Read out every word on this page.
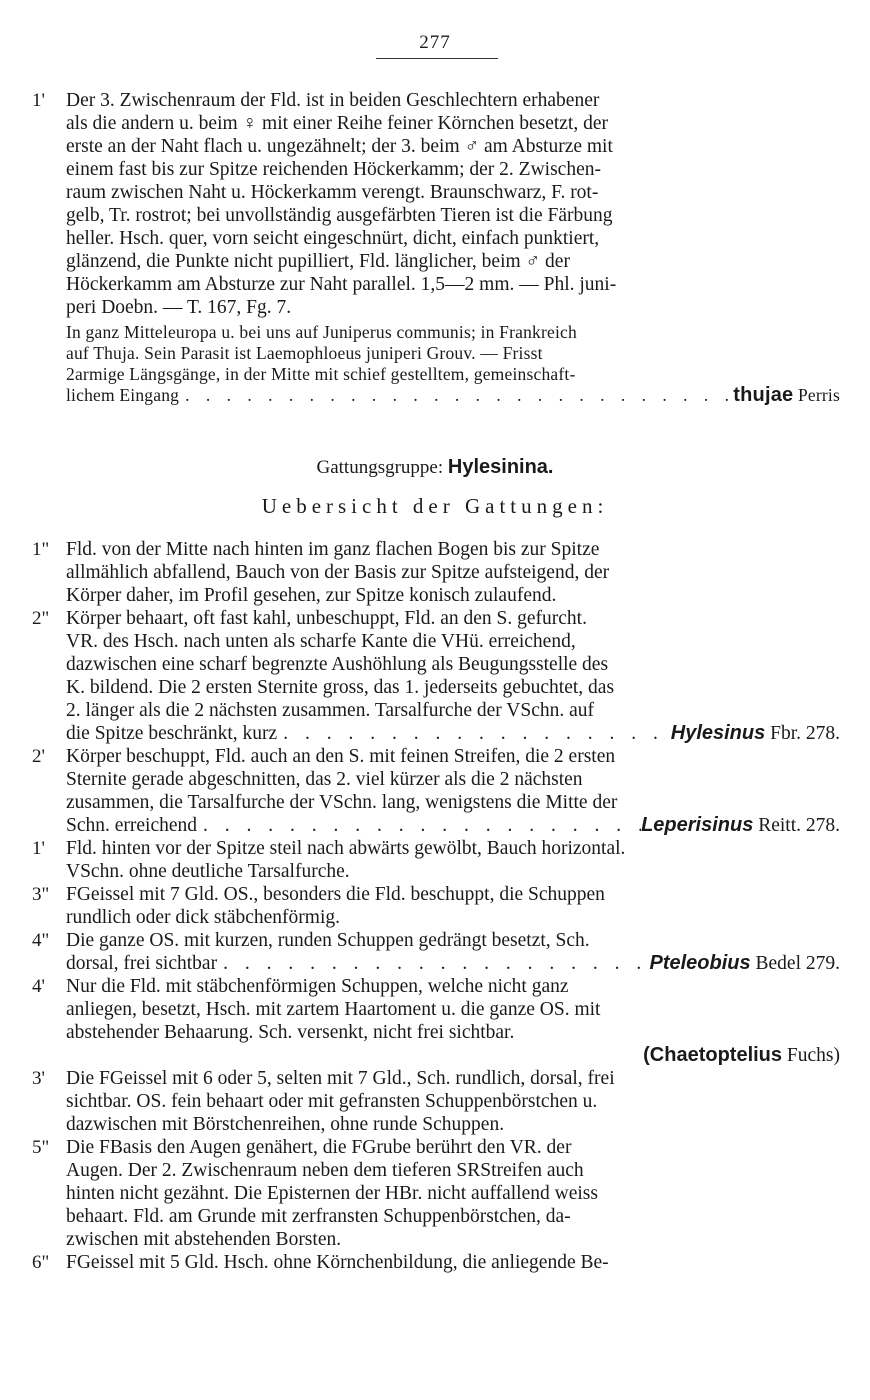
277
1'	Der 3. Zwischenraum der Fld. ist in beiden Geschlechtern erhabener
als die andern u. beim ♀ mit einer Reihe feiner Körnchen besetzt, der
erste an der Naht flach u. ungezähnelt; der 3. beim ♂ am Absturze mit
einem fast bis zur Spitze reichenden Höckerkamm; der 2. Zwischen-
raum zwischen Naht u. Höckerkamm verengt. Braunschwarz, F. rot-
gelb, Tr. rostrot; bei unvollständig ausgefärbten Tieren ist die Färbung
heller. Hsch. quer, vorn seicht eingeschnürt, dicht, einfach punktiert,
glänzend, die Punkte nicht pupilliert, Fld. länglicher, beim ♂ der
Höckerkamm am Absturze zur Naht parallel. 1,5—2 mm. — Phl. juni-
peri Doebn. — T. 167, Fg. 7.
In ganz Mitteleuropa u. bei uns auf Juniperus communis; in Frankreich
auf Thuja. Sein Parasit ist Laemophloeus juniperi Grouv. — Frisst
2armige Längsgänge, in der Mitte mit schief gestelltem, gemeinschaft-
lichem Eingang . . .	thujae Perris
Gattungsgruppe: Hylesinina.
Uebersicht der Gattungen:
1" Fld. von der Mitte nach hinten im ganz flachen Bogen bis zur Spitze
allmählich abfallend, Bauch von der Basis zur Spitze aufsteigend, der
Körper daher, im Profil gesehen, zur Spitze konisch zulaufend.
2" Körper behaart, oft fast kahl, unbeschuppt, Fld. an den S. gefurcht.
VR. des Hsch. nach unten als scharfe Kante die VHü. erreichend,
dazwischen eine scharf begrenzte Aushöhlung als Beugungsstelle des
K. bildend. Die 2 ersten Sternite gross, das 1. jederseits gebuchtet, das
2. länger als die 2 nächsten zusammen. Tarsalfurche der VSchn. auf
die Spitze beschränkt, kurz . . .	Hylesinus Fbr. 278.
2'	Körper beschuppt, Fld. auch an den S. mit feinen Streifen, die 2 ersten
Sternite gerade abgeschnitten, das 2. viel kürzer als die 2 nächsten
zusammen, die Tarsalfurche der VSchn. lang, wenigstens die Mitte der
Schn. erreichend . . .	Leperisinus Reitt. 278.
1'	Fld. hinten vor der Spitze steil nach abwärts gewölbt, Bauch horizontal.
VSchn. ohne deutliche Tarsalfurche.
3" FGeissel mit 7 Gld. OS., besonders die Fld. beschuppt, die Schuppen
rundlich oder dick stäbchenförmig.
4" Die ganze OS. mit kurzen, runden Schuppen gedrängt besetzt, Sch.
dorsal, frei sichtbar . . .	Pteleobius Bedel 279.
4'	Nur die Fld. mit stäbchenförmigen Schuppen, welche nicht ganz
anliegen, besetzt, Hsch. mit zartem Haartoment u. die ganze OS. mit
abstehender Behaarung. Sch. versenkt, nicht frei sichtbar.
(Chaetoptelius Fuchs)
3'	Die FGeissel mit 6 oder 5, selten mit 7 Gld., Sch. rundlich, dorsal, frei
sichtbar. OS. fein behaart oder mit gefransten Schuppenbörstchen u.
dazwischen mit Börstchenreihen, ohne runde Schuppen.
5" Die FBasis den Augen genähert, die FGrube berührt den VR. der
Augen. Der 2. Zwischenraum neben dem tieferen SRStreifen auch
hinten nicht gezähnt. Die Episternen der HBr. nicht auffallend weiss
behaart. Fld. am Grunde mit zerfransten Schuppenbörstchen, da-
zwischen mit abstehenden Borsten.
6" FGeissel mit 5 Gld. Hsch. ohne Körnchenbildung, die anliegende Be-
